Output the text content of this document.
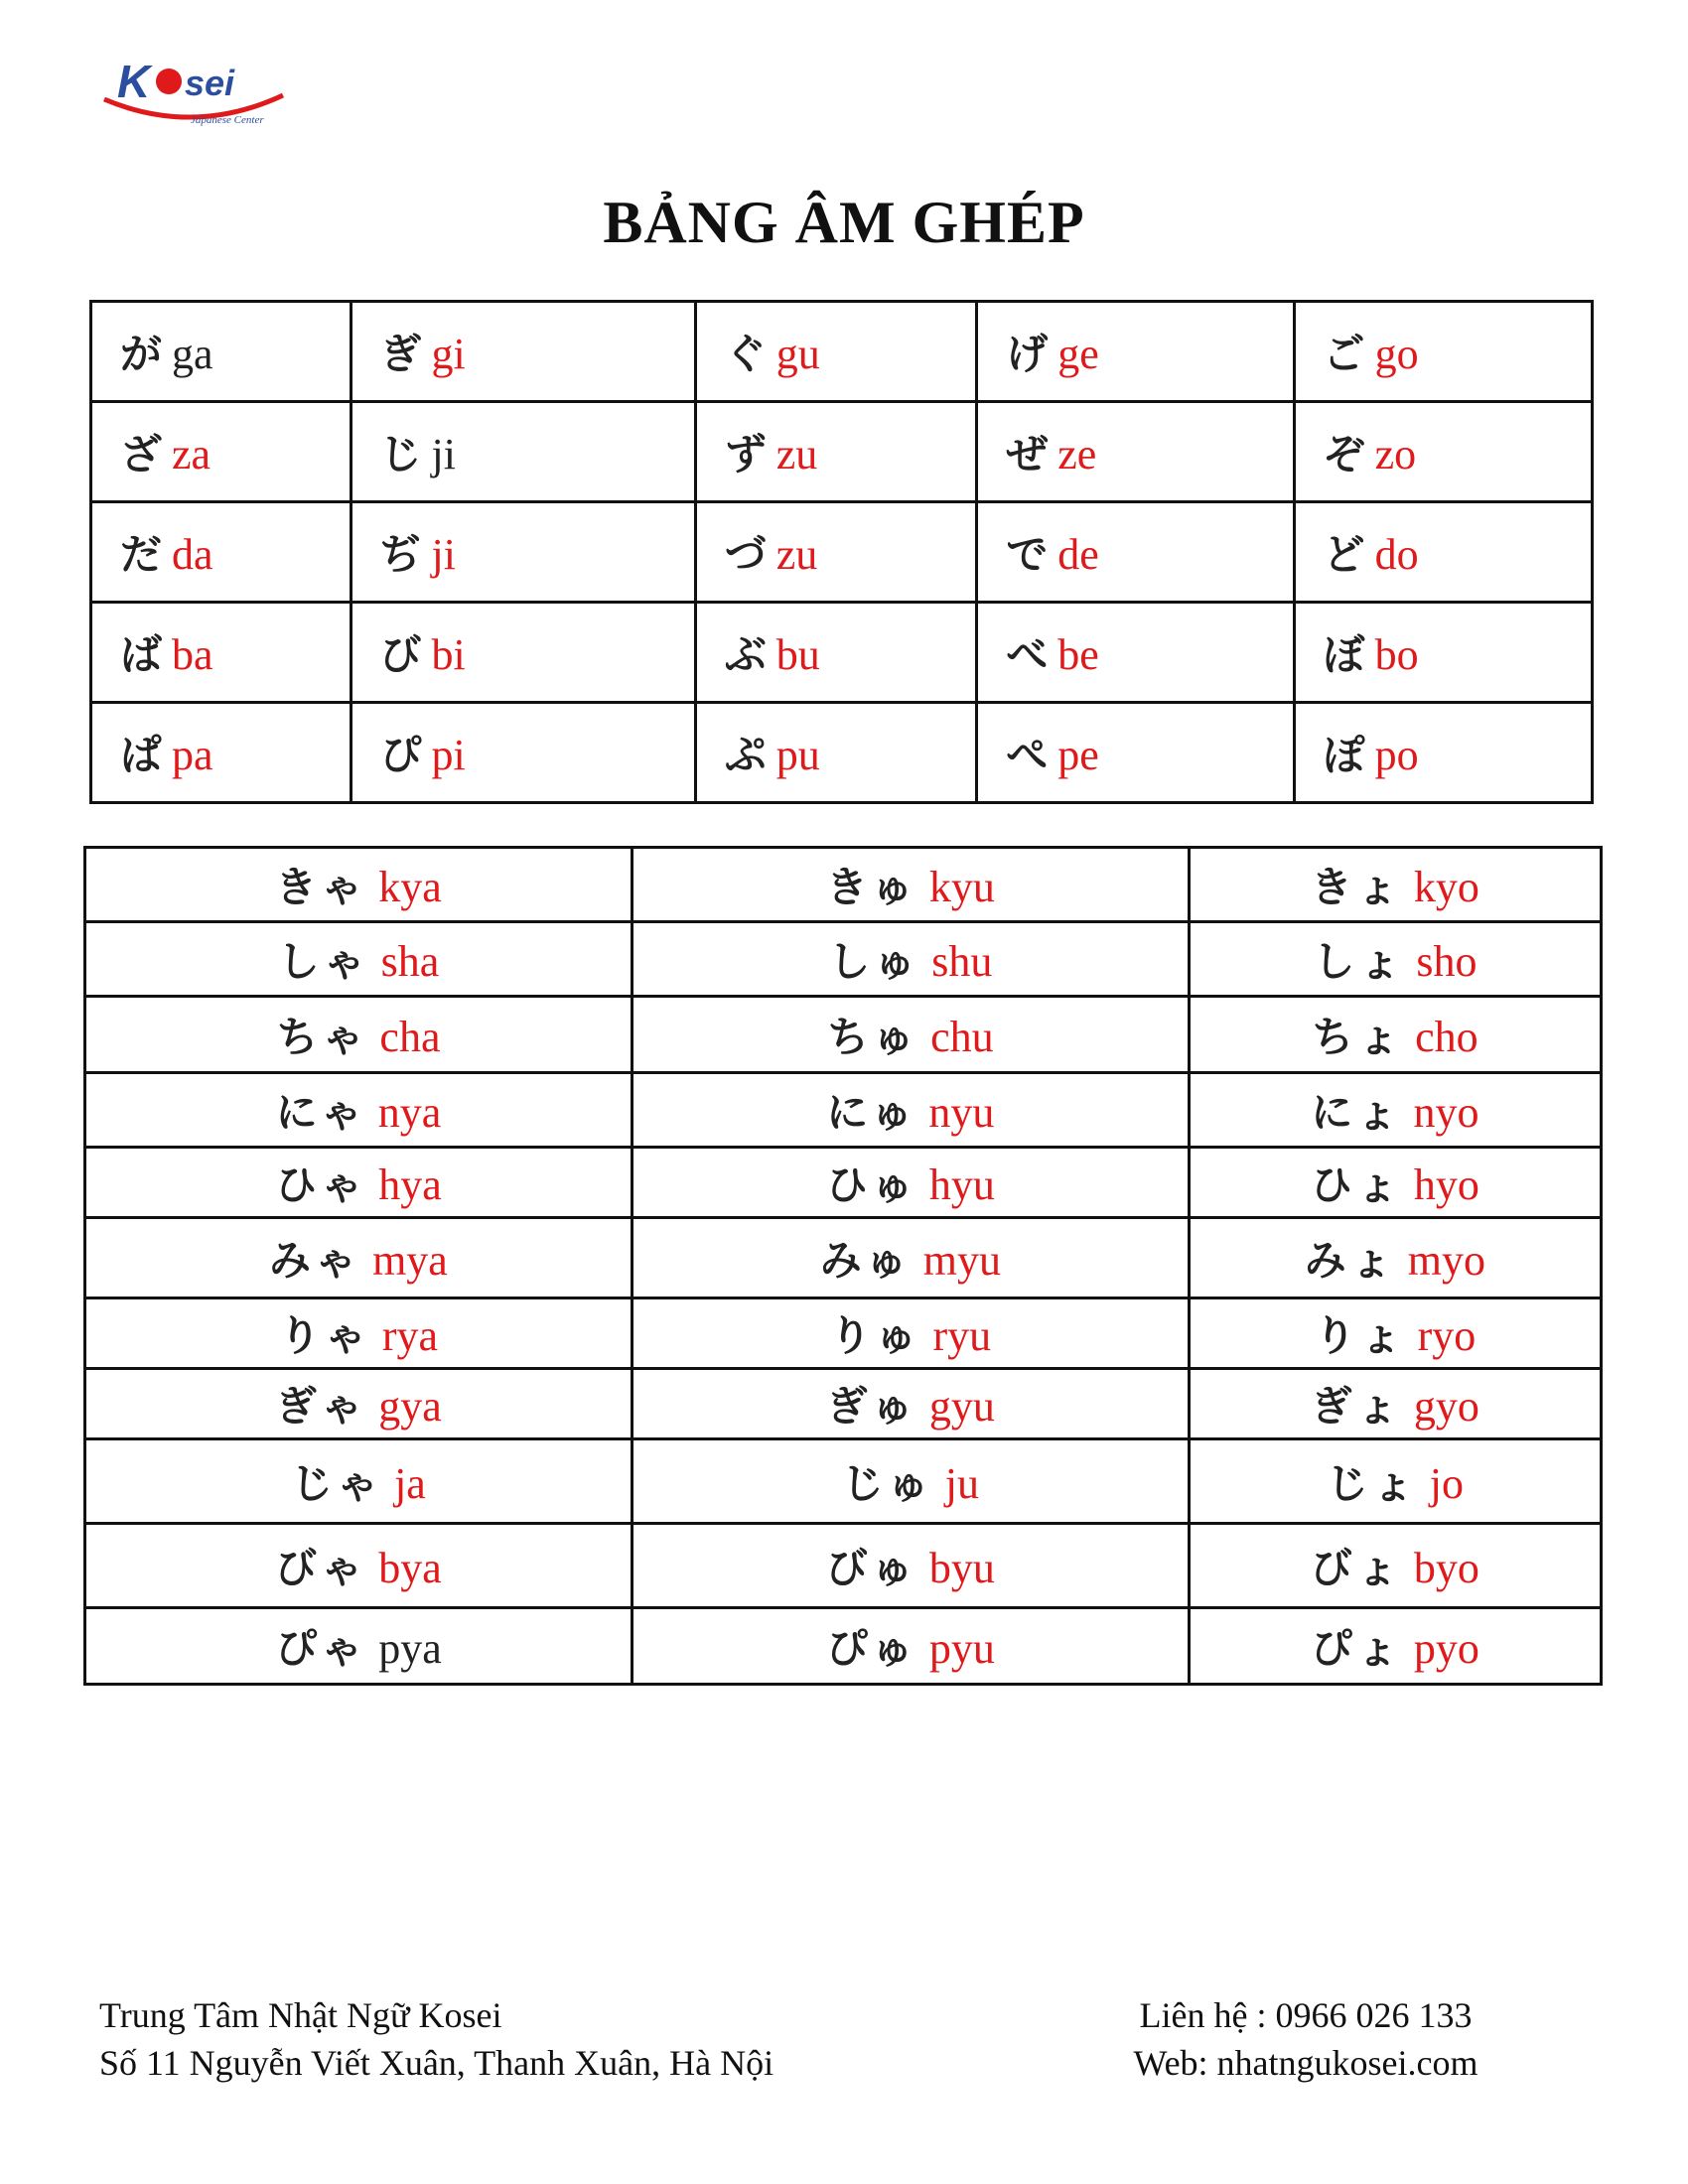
K sei
Japanese Center
BẢNG ÂM GHÉP
が ga	ぎ gi	ぐ gu	げ ge	ご go
ざ za	じ ji	ず zu	ぜ ze	ぞ zo
だ da	ぢ ji	づ zu	で de	ど do
ば ba	び bi	ぶ bu	べ be	ぼ bo
ぱ pa	ぴ pi	ぷ pu	ぺ pe	ぽ po
きゃ kya	きゅ kyu	きょ kyo
しゃ sha	しゅ shu	しょ sho
ちゃ cha	ちゅ chu	ちょ cho
にゃ nya	にゅ nyu	にょ nyo
ひゃ hya	ひゅ hyu	ひょ hyo
みゃ mya	みゅ myu	みょ myo
りゃ rya	りゅ ryu	りょ ryo
ぎゃ gya	ぎゅ gyu	ぎょ gyo
じゃ ja	じゅ ju	じょ jo
びゃ bya	びゅ byu	びょ byo
ぴゃ pya	ぴゅ pyu	ぴょ pyo
Trung Tâm Nhật Ngữ Kosei
Số 11 Nguyễn Viết Xuân, Thanh Xuân, Hà Nội
Liên hệ : 0966 026 133
Web: nhatngukosei.com
